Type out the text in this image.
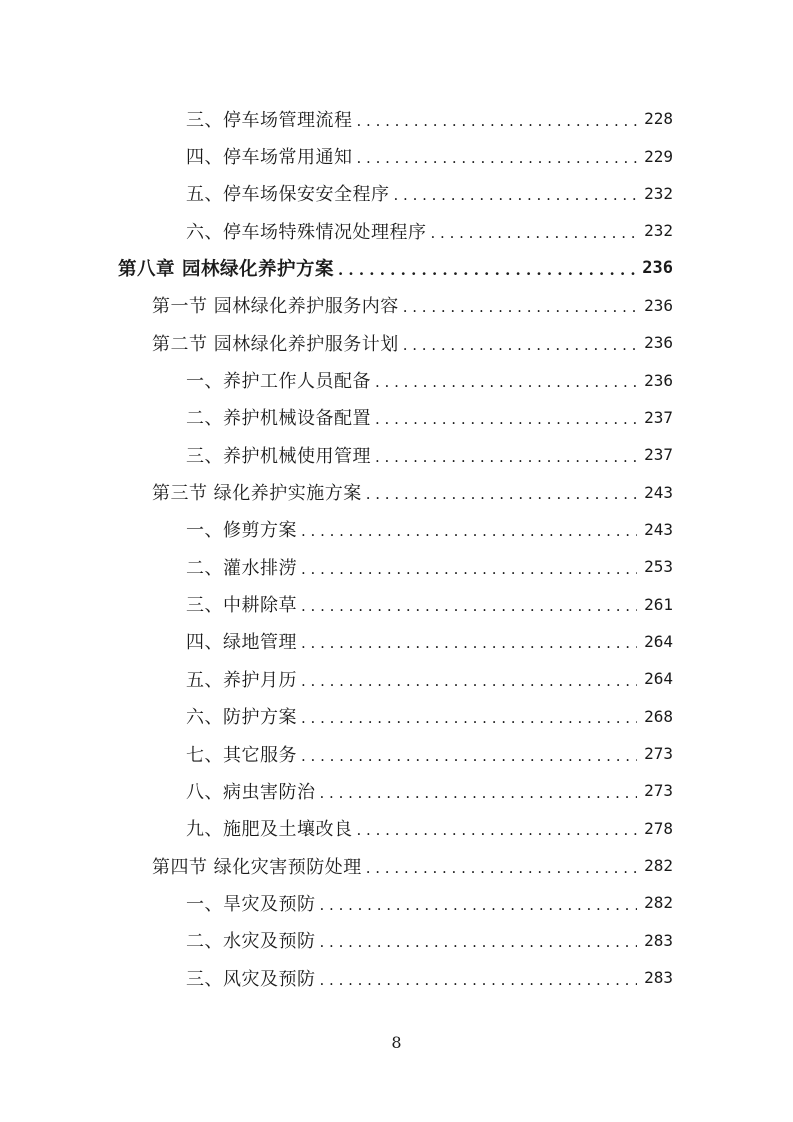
三、停车场管理流程 . . .	228
四、停车场常用通知 . . .	229
五、停车场保安安全程序 . . .	232
六、停车场特殊情况处理程序 . . .	232
第八章 园林绿化养护方案 . . .	236
第一节 园林绿化养护服务内容 . . .	236
第二节 园林绿化养护服务计划 . . .	236
一、养护工作人员配备 . . .	236
二、养护机械设备配置 . . .	237
三、养护机械使用管理 . . .	237
第三节 绿化养护实施方案 . . .	243
一、修剪方案 . . .	243
二、灌水排涝 . . .	253
三、中耕除草 . . .	261
四、绿地管理 . . .	264
五、养护月历 . . .	264
六、防护方案 . . .	268
七、其它服务 . . .	273
八、病虫害防治 . . .	273
九、施肥及土壤改良 . . .	278
第四节 绿化灾害预防处理 . . .	282
一、旱灾及预防 . . .	282
二、水灾及预防 . . .	283
三、风灾及预防 . . .	283
8
